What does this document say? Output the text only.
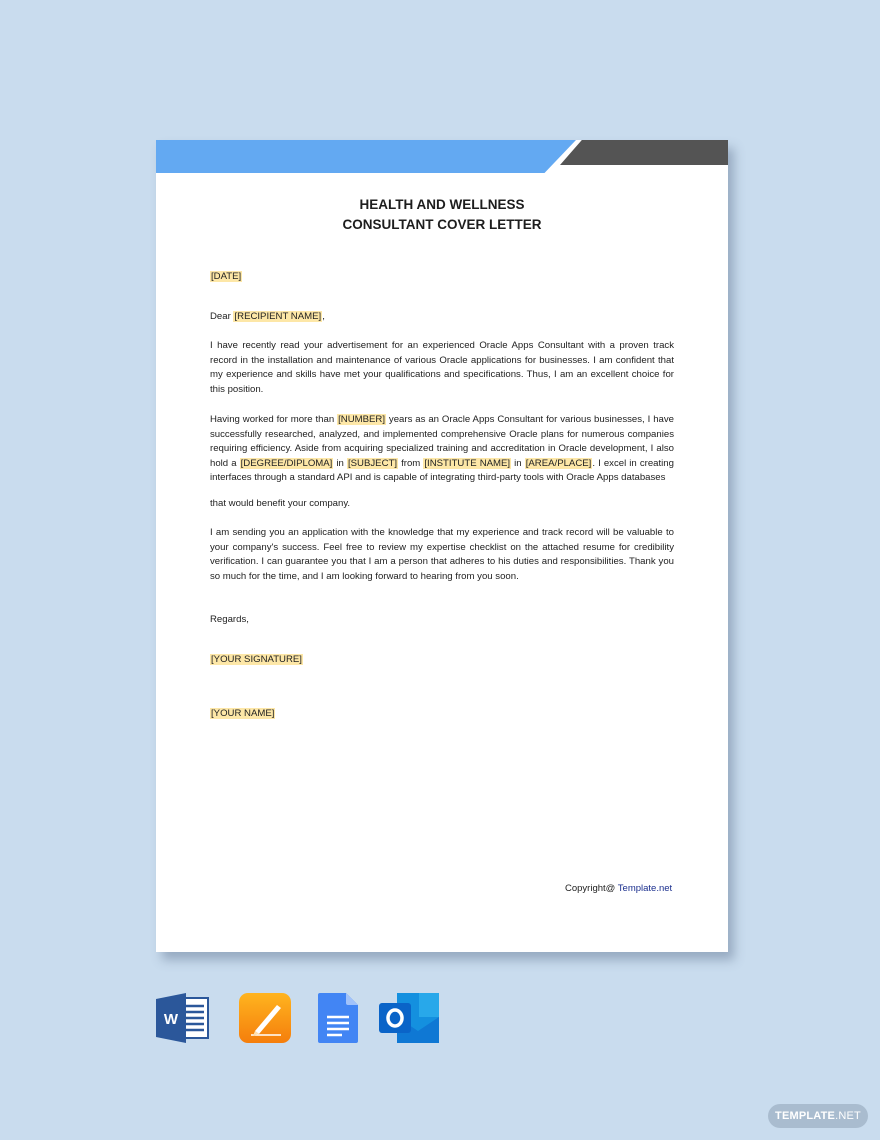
HEALTH AND WELLNESS
CONSULTANT COVER LETTER
[DATE]
Dear [RECIPIENT NAME],
I have recently read your advertisement for an experienced Oracle Apps Consultant with a proven track record in the installation and maintenance of various Oracle applications for businesses. I am confident that my experience and skills have met your qualifications and specifications. Thus, I am an excellent choice for this position.
Having worked for more than [NUMBER] years as an Oracle Apps Consultant for various businesses, I have successfully researched, analyzed, and implemented comprehensive Oracle plans for numerous companies requiring efficiency. Aside from acquiring specialized training and accreditation in Oracle development, I also hold a [DEGREE/DIPLOMA] in [SUBJECT] from [INSTITUTE NAME] in [AREA/PLACE]. I excel in creating interfaces through a standard API and is capable of integrating third-party tools with Oracle Apps databases
that would benefit your company.
I am sending you an application with the knowledge that my experience and track record will be valuable to your company's success. Feel free to review my expertise checklist on the attached resume for credibility verification. I can guarantee you that I am a person that adheres to his duties and responsibilities. Thank you so much for the time, and I am looking forward to hearing from you soon.
Regards,
[YOUR SIGNATURE]
[YOUR NAME]
Copyright@ Template.net
W
TEMPLATE.NET
